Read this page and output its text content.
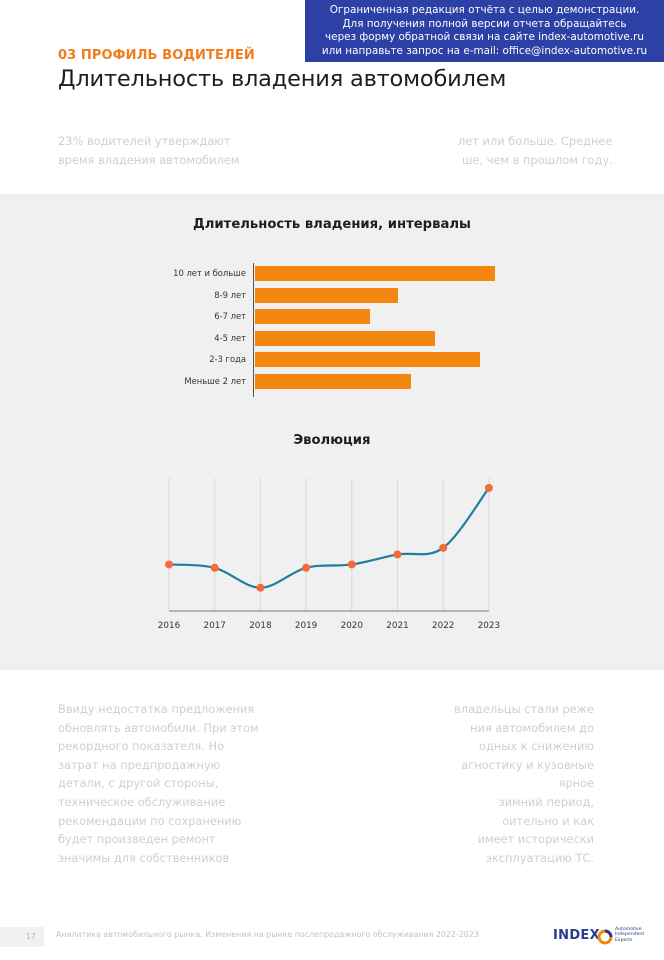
Ограниченная редакция отчёта с целью демонстрации.
Для получения полной версии отчета обращайтесь
через форму обратной связи на сайте index-automotive.ru
или направьте запрос на e-mail: office@index-automotive.ru
03 ПРОФИЛЬ ВОДИТЕЛЕЙ
Длительность владения автомобилем
23% водителей утверждают	лет или больше. Среднее
время владения автомобилем	ше, чем в прошлом году.
Длительность владения, интервалы
10 лет и больше
8-9 лет
6-7 лет
4-5 лет
2-3 года
Меньше 2 лет
Эволюция
2016	2017	2018	2019	2020	2021	2022	2023
Ввиду недостатка предложения	владельцы стали реже
обновлять автомобили. При этом	ния автомобилем до
рекордного показателя. Но	одных к снижению
затрат на предпродажную	агностику и кузовные
детали, с другой стороны,	ярное
техническое обслуживание	зимний период,
рекомендации по сохранению	оительно и как
будет произведен ремонт	имеет исторически
значимы для собственников	эксплуатацию ТС.
17	Аналитика автомобильного рынка. Изменения на рынке послепродажного обслуживания 2022-2023	INDEX	Automotive
Independent
Experts
